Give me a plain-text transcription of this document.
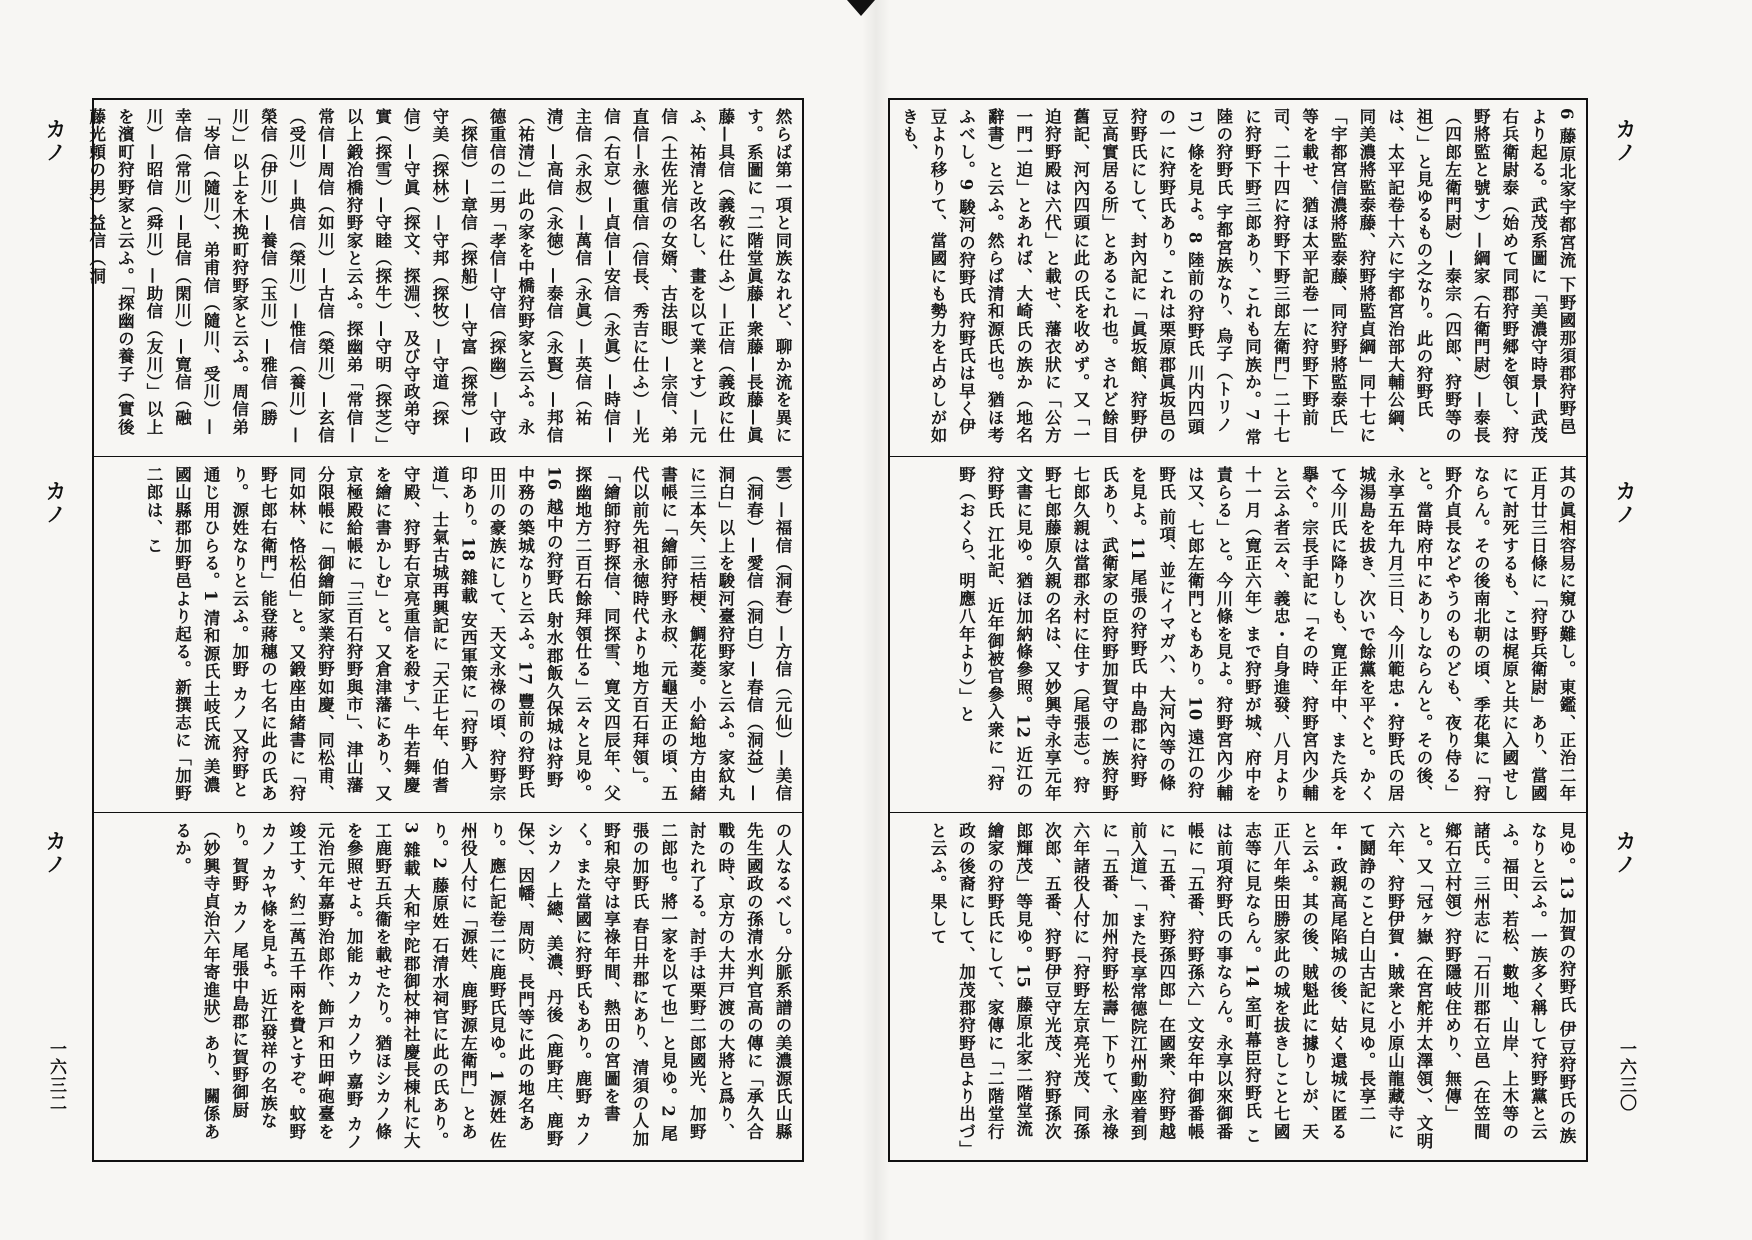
カノ
カノ
カノ
然らば第一項と同族なれど、聊か流を異にす。系圖に「二階堂眞藤—衆藤—長藤—眞藤—具信（義敎に仕ふ）—正信（義政に仕ふ、祐清と改名し、畫を以て業とす）—元信（土佐光信の女婿、古法眼）—宗信、弟直信—永德重信（信長、秀吉に仕ふ）—光信（右京）—貞信—安信（永眞）—時信—主信（永叔）—萬信（永眞）—英信（祐清）—高信（永徳）—泰信（永賢）—邦信（祐清）」此の家を中橋狩野家と云ふ。永德重信の二男「孝信—守信（探幽）—守政（探信）—章信（探船）—守富（探常）—守美（探林）—守邦（探牧）—守道（探信）—守眞（探文、探淵）、及び守政弟守實（探雪）—守睦（探牛）—守明（探芝）」以上鍛冶橋狩野家と云ふ。探幽弟「常信—常信—周信（如川）—古信（榮川）—玄信（受川）—典信（榮川）—惟信（養川）—榮信（伊川）—養信（玉川）—雅信（勝川）」以上を木挽町狩野家と云ふ。周信弟「岑信（隨川）、弟甫信（隨川、受川）—幸信（常川）—昆信（閑川）—寛信（融川）—昭信（舜川）—助信（友川）」以上を濱町狩野家と云ふ。「探幽の養子（實後藤光頼の男）益信（洞
雲）—福信（洞春）—方信（元仙）—美信（洞春）—愛信（洞白）—春信（洞益）—洞白」以上を駿河臺狩野家と云ふ。家紋丸に三本矢、三桔梗、鯛花菱。小給地方由緒書帳に「繪師狩野永叔、元龜天正の頃、五代以前先祖永徳時代より地方百石拜領」。「繪師狩野探信、同探雪、寛文四辰年、父探幽地方二百石餘拜領仕る」云々と見ゆ。16 越中の狩野氏 射水郡飯久保城は狩野中務の築城なりと云ふ。17 豐前の狩野氏 田川の豪族にして、天文永祿の頃、狩野宗印あり。18 雜載 安西軍策に「狩野入道」、士氣古城再興記に「天正七年、伯耆守殿、狩野右京亮重信を殺す」、牛若舞慶を繪に書かしむ」と。又倉津藩にあり、又京極殿給帳に「三百石狩野與市」、津山藩分限帳に「御繪師家業狩野如慶、同松甫、同如林、恪松伯」と。又鍛座由緒書に「狩野七郎右衛門」能登蔣穗の七名に此の氏あり。源姓なりと云ふ。加野 カノ 又狩野と通じ用ひらる。1 清和源氏土岐氏流 美濃國山縣郡加野邑より起る。新撰志に「加野二郎は、こ
の人なるべし。分脈系譜の美濃源氏山縣先生國政の孫清水判官高の傳に「承久合戰の時、京方の大井戸渡の大將と爲り、討たれ了る。討手は栗野二郎國光、加野二郎也。將一家を以て也」と見ゆ。2 尾張の加野氏 春日井郡にあり、清須の人加野和泉守は享祿年間、熱田の宮圖を書く。また當國に狩野氏もあり。鹿野 カノ シカノ 上總、美濃、丹後（鹿野庄、鹿野保）、因幡、周防、長門等に此の地名あり。應仁記卷二に鹿野氏見ゆ。1 源姓 佐州役人付に「源姓、鹿野源左衛門」とあり。2 藤原姓 石清水祠官に此の氏あり。3 雜載 大和宇陀郡御杖神社慶長棟札に大工鹿野五兵衞を載せたり。猶ほシカノ條を參照せよ。加能 カノ カノウ 嘉野 カノ 元治元年嘉野治郎作、飾戸和田岬砲臺を竣工す、約二萬五千兩を費とすぞ。蚊野 カノ カヤ條を見よ。近江發祥の名族なり。賀野 カノ 尾張中島郡に賀野御厨（妙興寺貞治六年寄進狀）あり、關係あるか。
一六三二
カノ
カノ
カノ
6 藤原北家宇都宮流 下野國那須郡狩野邑より起る。武茂系圖に「美濃守時景—武茂右兵衛尉泰（始めて同郡狩野郷を領し、狩野將監と號す）—綱家（右衛門尉）—泰長（四郎左衛門尉）—泰宗（四郎、狩野等の祖）」と見ゆるもの之なり。此の狩野氏は、太平記卷十六に宇都宮治部大輔公綱、同美濃將監泰藤、狩野將監貞綱」同十七に「宇都宮信濃將監泰藤、同狩野將監泰氏」等を載せ、猶ほ太平記卷一に狩野下野前司、二十四に狩野下野三郎左衛門」二十七に狩野下野三郎あり、これも同族か。7 常陸の狩野氏 宇都宮族なり、烏子（トリノコ）條を見よ。8 陸前の狩野氏 川内四頭の一に狩野氏あり。これは栗原郡眞坂邑の狩野氏にして、封內記に「眞坂館、狩野伊豆高實居る所」とあるこれ也。されど餘目舊記、河內四頭に此の氏を收めず。又「一迫狩野殿は六代」と載せ、藩衣狀に「公方一門一迫」とあれば、大崎氏の族か（地名辭書）と云ふ。然らば清和源氏也。猶ほ考ふべし。9 駿河の狩野氏 狩野氏は早く伊豆より移りて、當國にも勢力を占めしが如きも、
其の眞相容易に窺ひ難し。東鑑、正治二年正月廿三日條に「狩野兵衛尉」あり、當國にて討死するも、こは梶原と共に入國せしならん。その後南北朝の頃、季花集に「狩野介貞長などやうのものども、夜り侍る」と。當時府中にありしならんと。その後、永享五年九月三日、今川範忠・狩野氏の居城湯島を拔き、次いで餘黨を平ぐと。かくて今川氏に降りしも、寛正年中、また兵を擧ぐ。宗長手記に「その時、狩野宮內少輔と云ふ者云々、義忠・自身進發、八月より十一月（寛正六年）まで狩野が城、府中を責らる」と。今川條を見よ。狩野宮內少輔は又、七郎左衛門ともあり。10 遠江の狩野氏 前項、並にイマガハ、大河內等の條を見よ。11 尾張の狩野氏 中島郡に狩野氏あり、武衛家の臣狩野加賀守の一族狩野七郎久親は當郡永村に住す（尾張志）。狩野七郎藤原久親の名は、又妙興寺永享元年文書に見ゆ。猶ほ加納條參照。12 近江の狩野氏 江北記、近年御被官參入衆に「狩野（おくら、明應八年より）」と
見ゆ。13 加賀の狩野氏 伊豆狩野氏の族なりと云ふ。一族多く稱して狩野黨と云ふ。福田、若松、數地、山岸、上木等の諸氏。三州志に「石川郡石立邑（在笠間鄉石立村領）狩野隱岐住めり、無傳」と。又「冠ヶ嶽（在宮舵并太澤領）、文明六年、狩野伊賀・賊衆と小原山龍藏寺にて鬪諍のこと白山古記に見ゆ。長享二年・政親高尾陷城の後、姑く還城に匿ると云ふ。其の後、賊魁此に據りしが、天正八年柴田勝家此の城を拔きしこと七國志等に見ならん。14 室町幕臣狩野氏 こは前項狩野氏の事ならん。永享以來御番帳に「五番、狩野孫六」文安年中御番帳に「五番、狩野孫四郎」在國衆、狩野越前入道」、「また長享常德院江州動座着到に「五番、加州狩野松壽」下りて、永祿六年諸役人付に「狩野左京亮光茂、同孫次郎、五番、狩野伊豆守光茂、狩野孫次郎輝茂」等見ゆ。15 藤原北家二階堂流 繪家の狩野氏にして、家傳に「二階堂行政の後裔にして、加茂郡狩野邑より出づ」と云ふ。果して
一六三〇
